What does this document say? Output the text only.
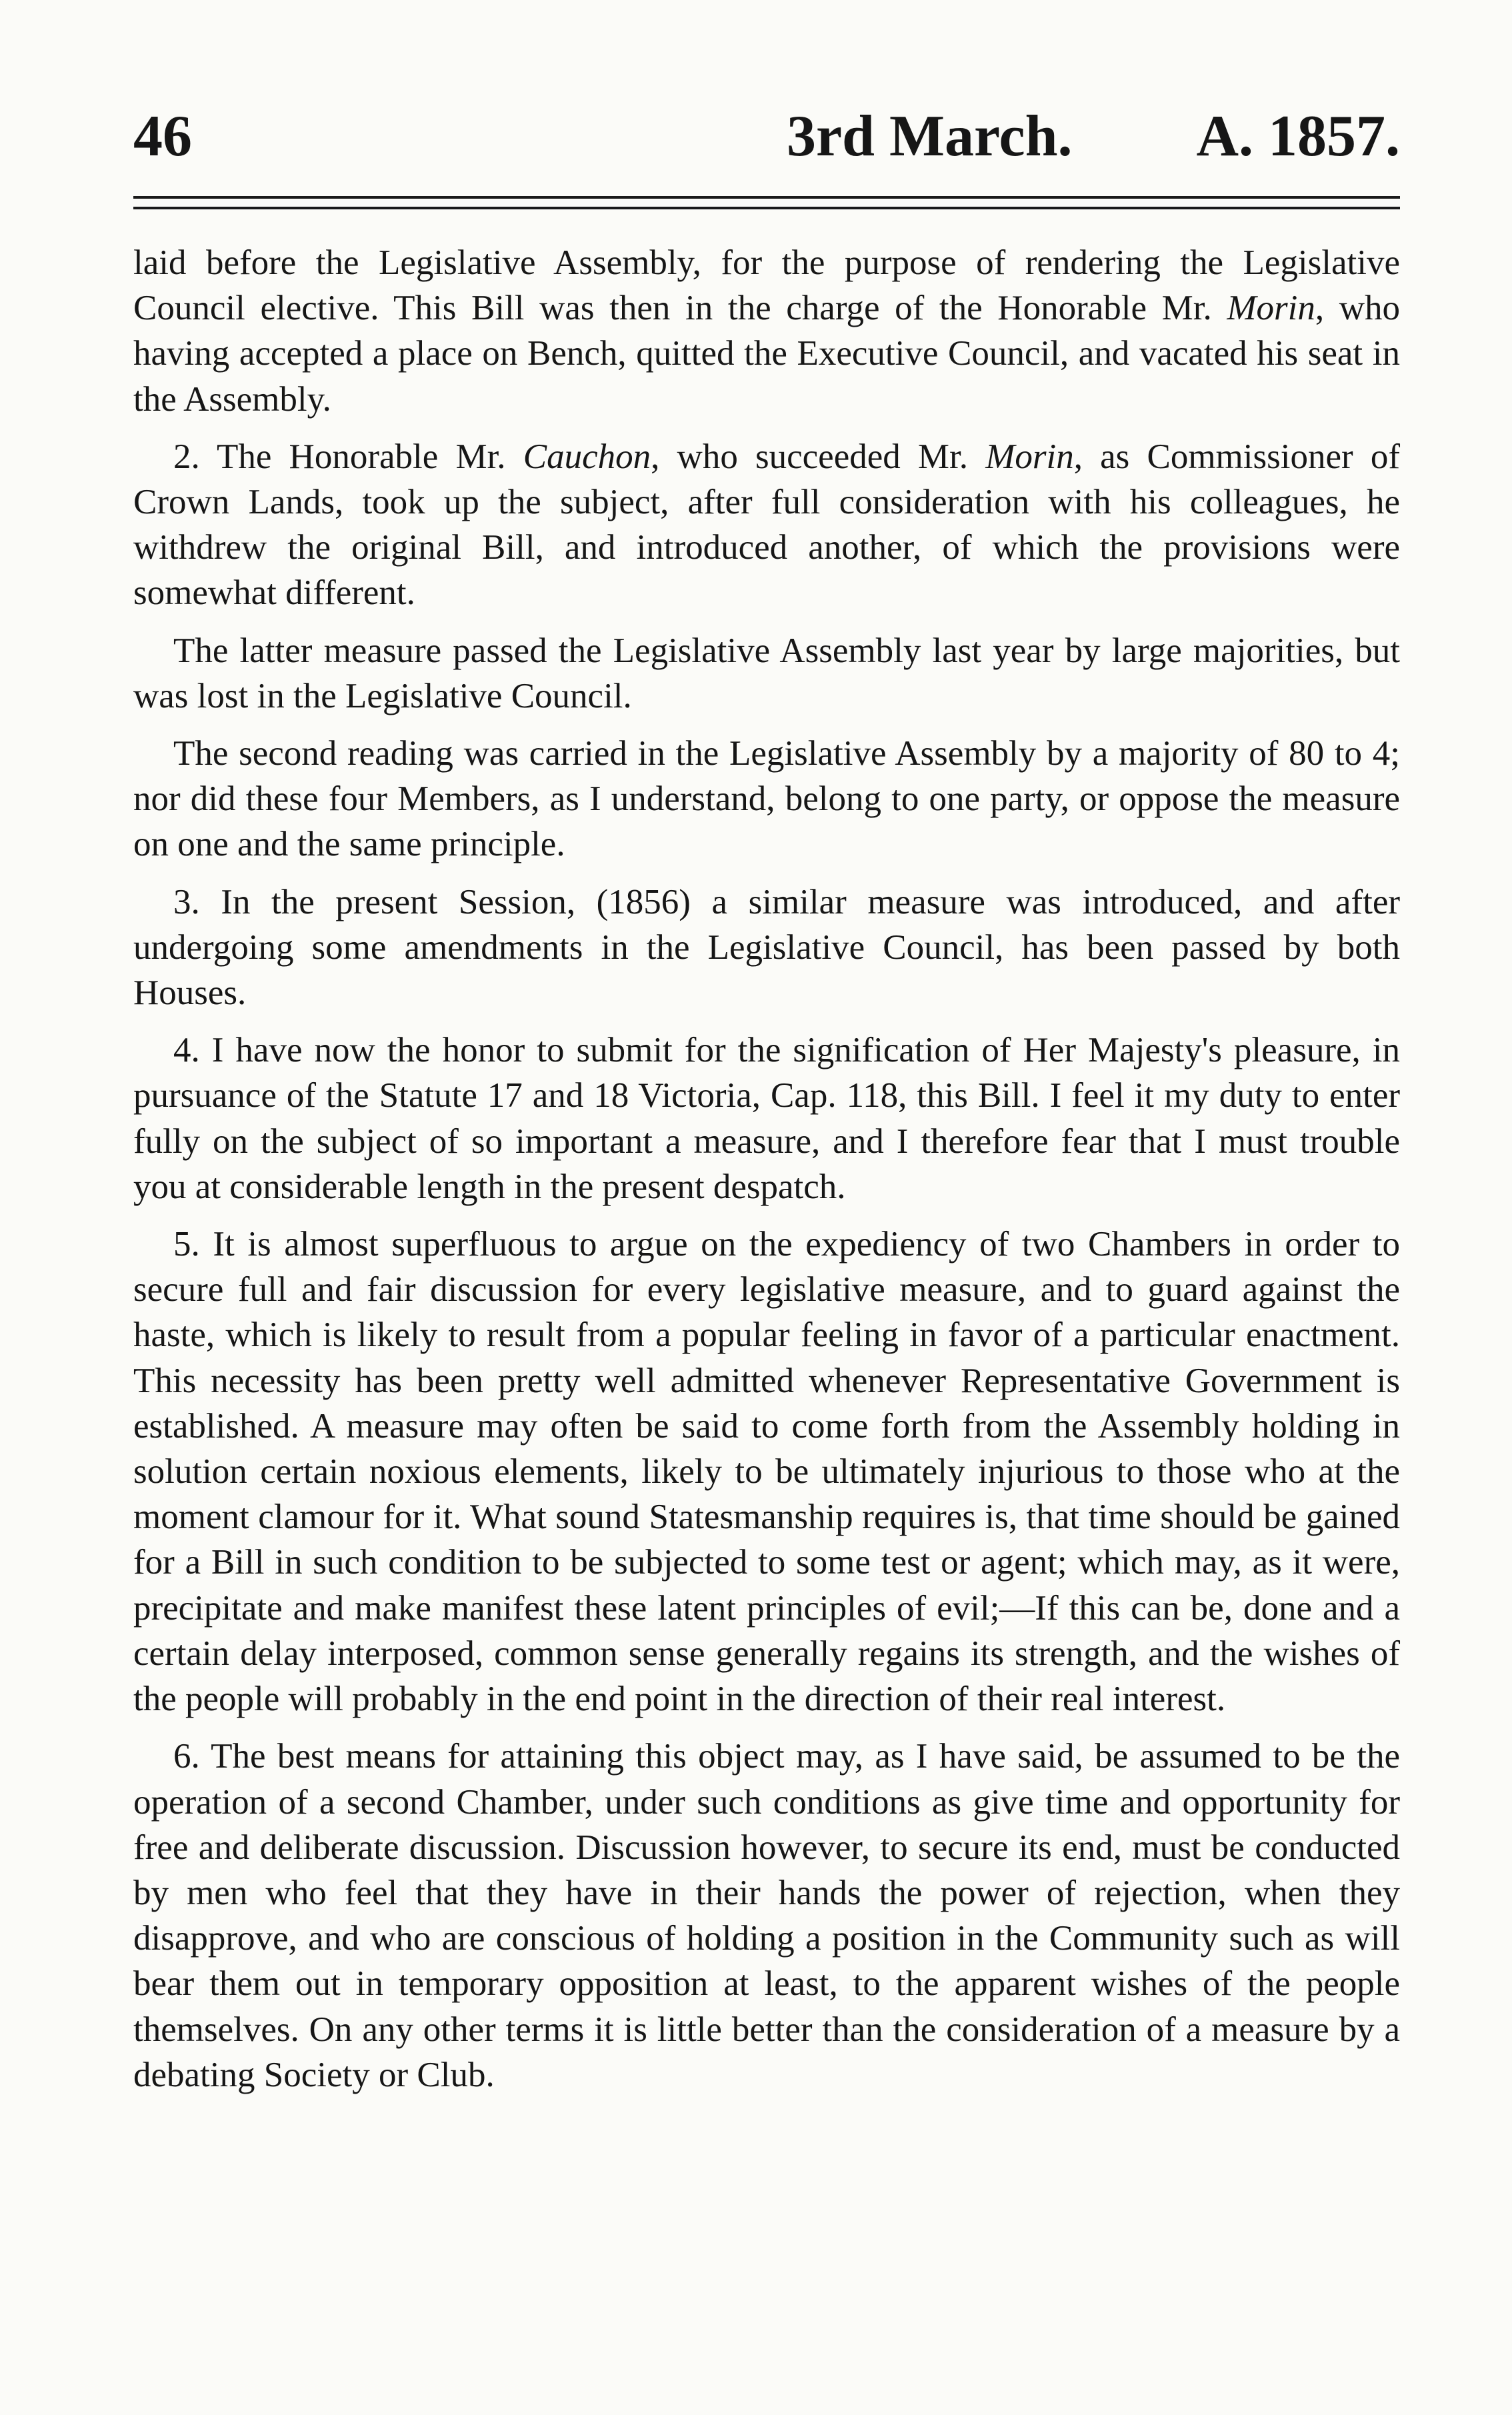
46	3rd March. A. 1857.

laid before the Legislative Assembly, for the purpose of rendering the Legislative Council elective. This Bill was then in the charge of the Honorable Mr. Morin, who having accepted a place on Bench, quitted the Executive Council, and vacated his seat in the Assembly.

2. The Honorable Mr. Cauchon, who succeeded Mr. Morin, as Commissioner of Crown Lands, took up the subject, after full consideration with his colleagues, he withdrew the original Bill, and introduced another, of which the provisions were somewhat different.

The latter measure passed the Legislative Assembly last year by large majorities, but was lost in the Legislative Council.

The second reading was carried in the Legislative Assembly by a majority of 80 to 4; nor did these four Members, as I understand, belong to one party, or oppose the measure on one and the same principle.

3. In the present Session, (1856) a similar measure was introduced, and after undergoing some amendments in the Legislative Council, has been passed by both Houses.

4. I have now the honor to submit for the signification of Her Majesty's pleasure, in pursuance of the Statute 17 and 18 Victoria, Cap. 118, this Bill. I feel it my duty to enter fully on the subject of so important a measure, and I therefore fear that I must trouble you at considerable length in the present despatch.

5. It is almost superfluous to argue on the expediency of two Chambers in order to secure full and fair discussion for every legislative measure, and to guard against the haste, which is likely to result from a popular feeling in favor of a particular enactment. This necessity has been pretty well admitted whenever Representative Government is established. A measure may often be said to come forth from the Assembly holding in solution certain noxious elements, likely to be ultimately injurious to those who at the moment clamour for it. What sound Statesmanship requires is, that time should be gained for a Bill in such condition to be subjected to some test or agent; which may, as it were, precipitate and make manifest these latent principles of evil;—If this can be, done and a certain delay interposed, common sense generally regains its strength, and the wishes of the people will probably in the end point in the direction of their real interest.

6. The best means for attaining this object may, as I have said, be assumed to be the operation of a second Chamber, under such conditions as give time and opportunity for free and deliberate discussion. Discussion however, to secure its end, must be conducted by men who feel that they have in their hands the power of rejection, when they disapprove, and who are conscious of holding a position in the Community such as will bear them out in temporary opposition at least, to the apparent wishes of the people themselves. On any other terms it is little better than the consideration of a measure by a debating Society or Club.
